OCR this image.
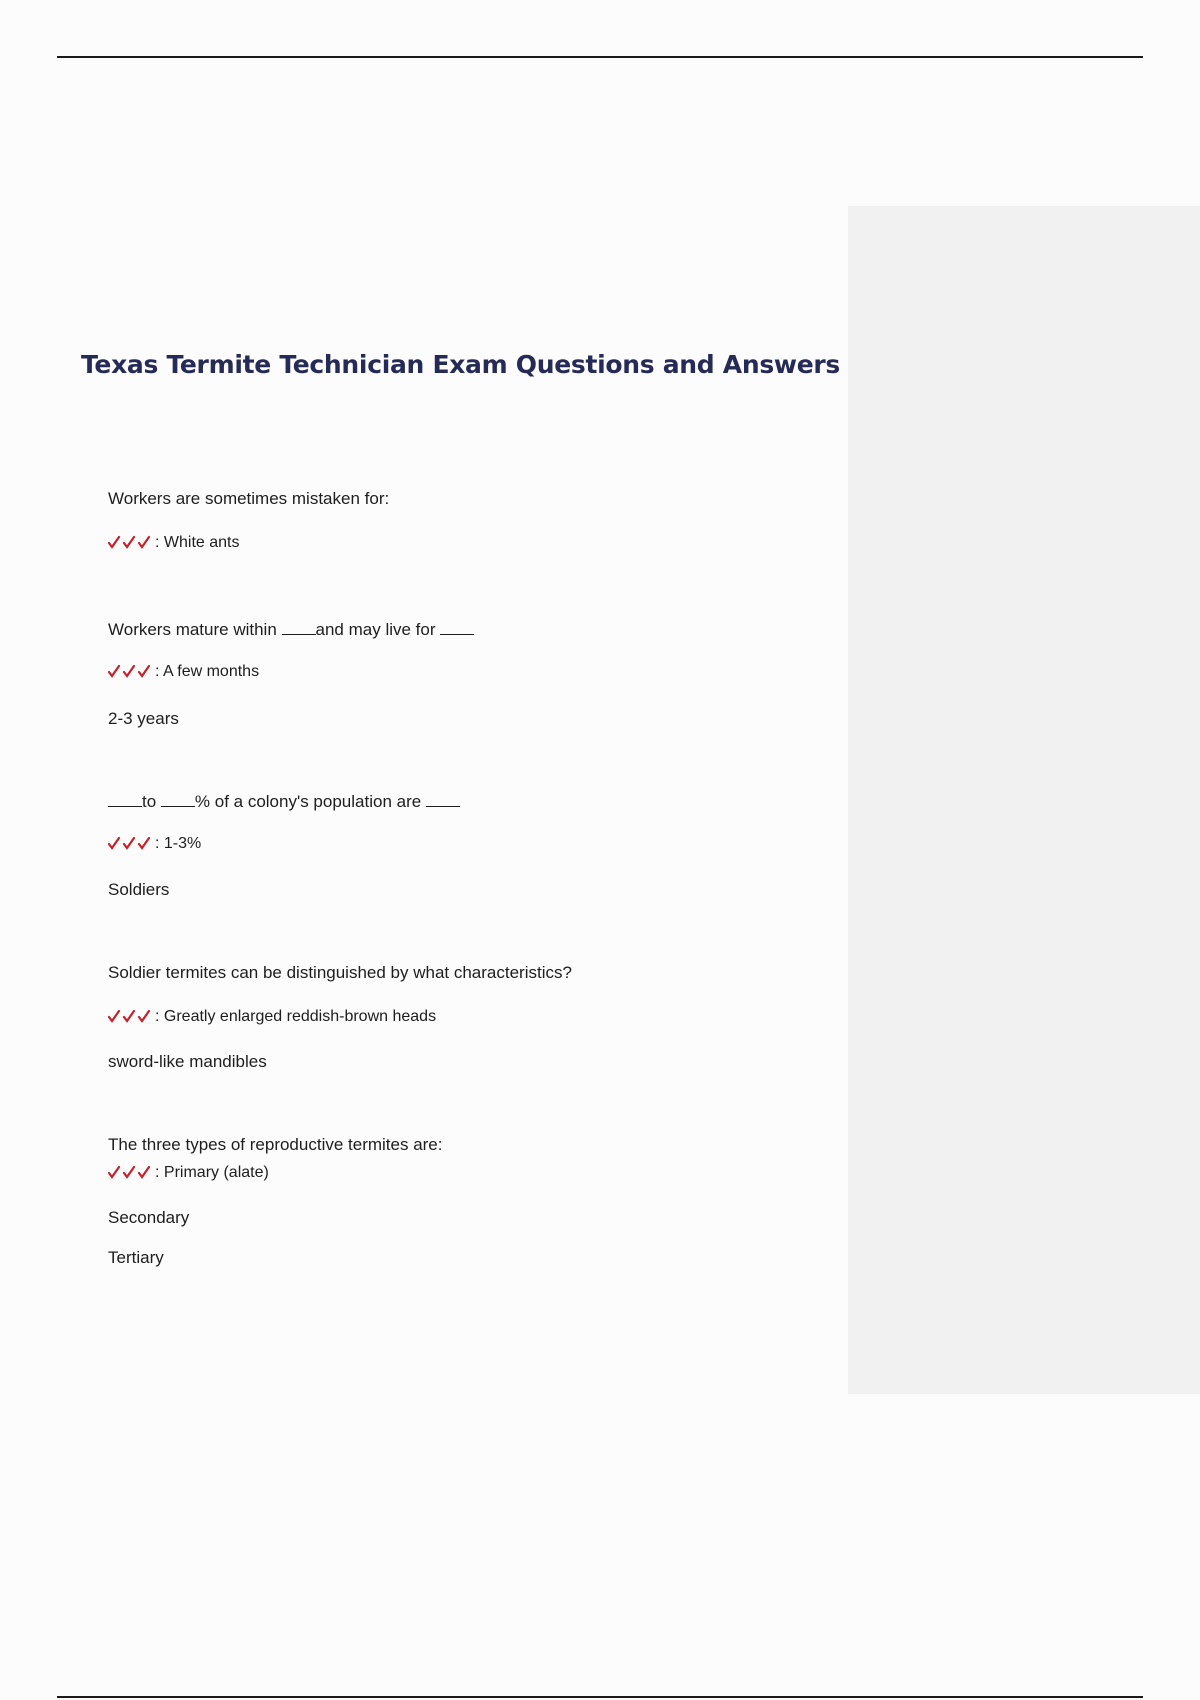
Texas Termite Technician Exam Questions and Answers

Workers are sometimes mistaken for:

: White ants

Workers mature within and may live for

: A few months

2-3 years

to % of a colony's population are

: 1-3%

Soldiers

Soldier termites can be distinguished by what characteristics?

: Greatly enlarged reddish-brown heads

sword-like mandibles

The three types of reproductive termites are:

: Primary (alate)

Secondary

Tertiary
